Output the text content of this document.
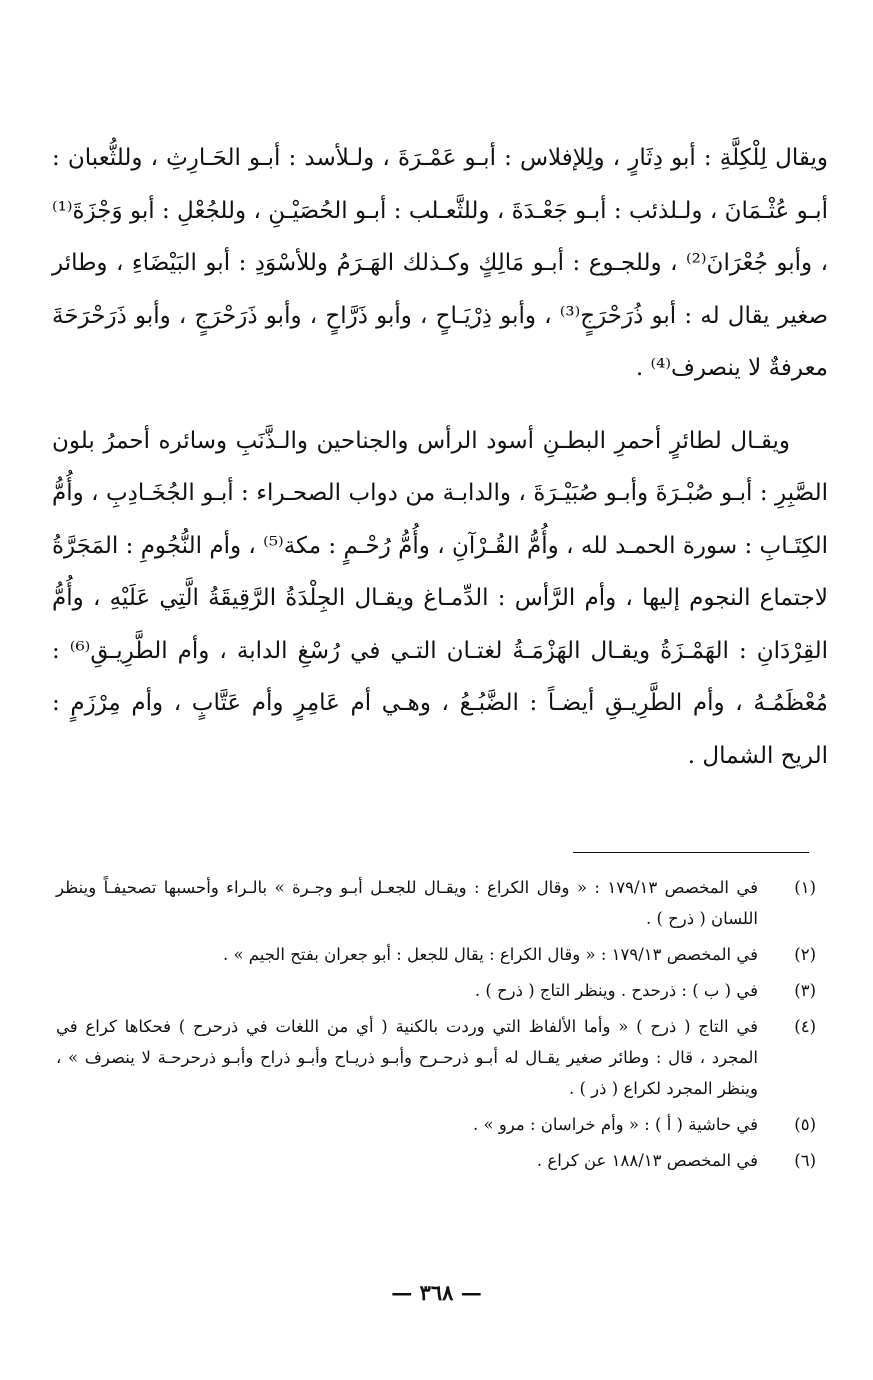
ويقال لِلْكِلَّةِ : أبو دِثَارٍ ، ولِلإفلاس : أبـو عَمْـرَةَ ، ولـلأسد : أبـو الحَـارِثِ ، وللثُّعبان : أبـو عُثْـمَانَ ، ولـلذئب : أبـو جَعْـدَةَ ، وللثَّعـلب : أبـو الحُصَيْـنِ ، وللجُعْلِ : أبو وَجْزَةَ⁽¹⁾ ، وأبو جُعْرَانَ⁽²⁾ ، وللجـوع : أبـو مَالِكٍ وكـذلك الهَـرَمُ وللأسْوَدِ : أبو البَيْضَاءِ ، وطائر صغير يقال له : أبو ذُرَحْرَجٍ⁽³⁾ ، وأبو ذِرْيَـاحٍ ، وأبو ذَرَّاحٍ ، وأبو ذَرَحْرَجٍ ، وأبو ذَرَحْرَحَةَ معرفةٌ لا ينصرف⁽⁴⁾ .

ويقـال لطائرٍ أحمرِ البطـنِ أسود الرأس والجناحين والـذَّنَبِ وسائره أحمرُ بلون الصَّبِرِ : أبـو صُبْـرَةَ وأبـو صُبَيْـرَةَ ، والدابـة من دواب الصحـراء : أبـو الجُخَـادِبِ ، وأُمُّ الكِتَـابِ : سورة الحمـد لله ، وأُمُّ القُـرْآنِ ، وأُمُّ رُحْـمٍ : مكة⁽⁵⁾ ، وأم النُّجُومِ : المَجَرَّةُ لاجتماع النجوم إليها ، وأم الرَّأس : الدِّمـاغ ويقـال الجِلْدَةُ الرَّقِيقَةُ الَّتِي عَلَيْهِ ، وأُمُّ القِرْدَانِ : الهَمْـزَةُ ويقـال الهَزْمَـةُ لغتـان التـي في رُسْغِ الدابة ، وأم الطَّرِيـقِ⁽⁶⁾ : مُعْظَمُـهُ ، وأم الطَّرِيـقِ أيضـاً : الضَّبُـعُ ، وهـي أم عَامِرٍ وأم عَتَّابٍ ، وأم مِرْزَمٍ : الريح الشمال .

(١)
في المخصص ١٧٩/١٣ : « وقال الكراع : ويقـال للجعـل أبـو وجـرة » بالـراء وأحسبها تصحيفـاً وينظر اللسان ( ذرح ) .
(٢)
في المخصص ١٧٩/١٣ : « وقال الكراع : يقال للجعل : أبو جعران بفتح الجيم » .
(٣)
في ( ب ) : ذرحدح . وينظر التاج ( ذرح ) .
(٤)
في التاج ( ذرح ) « وأما الألفاظ التي وردت بالكنية ( أي من اللغات في ذرحرح ) فحكاها كراع في المجرد ، قال : وطائر صغير يقـال له أبـو ذرحـرح وأبـو ذريـاح وأبـو ذراح وأبـو ذرحرحـة لا ينصرف » ، وينظر المجرد لكراع ( ذر ) .
(٥)
في حاشية ( أ ) : « وأم خراسان : مرو » .
(٦)
في المخصص ١٨٨/١٣ عن كراع .
— ٣٦٨ —
